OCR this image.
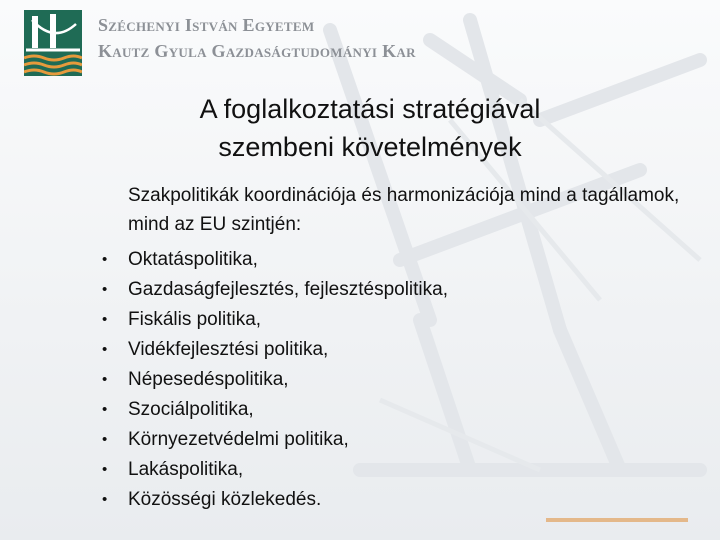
Széchenyi István Egyetem

Kautz Gyula Gazdaságtudományi Kar

A foglalkoztatási stratégiával
szembeni követelmények
Szakpolitikák koordinációja és harmonizációja mind a tagállamok, mind az EU szintjén:
• Oktatáspolitika,
• Gazdaságfejlesztés, fejlesztéspolitika,
• Fiskális politika,
• Vidékfejlesztési politika,
• Népesedéspolitika,
• Szociálpolitika,
• Környezetvédelmi politika,
• Lakáspolitika,
• Közösségi közlekedés.
